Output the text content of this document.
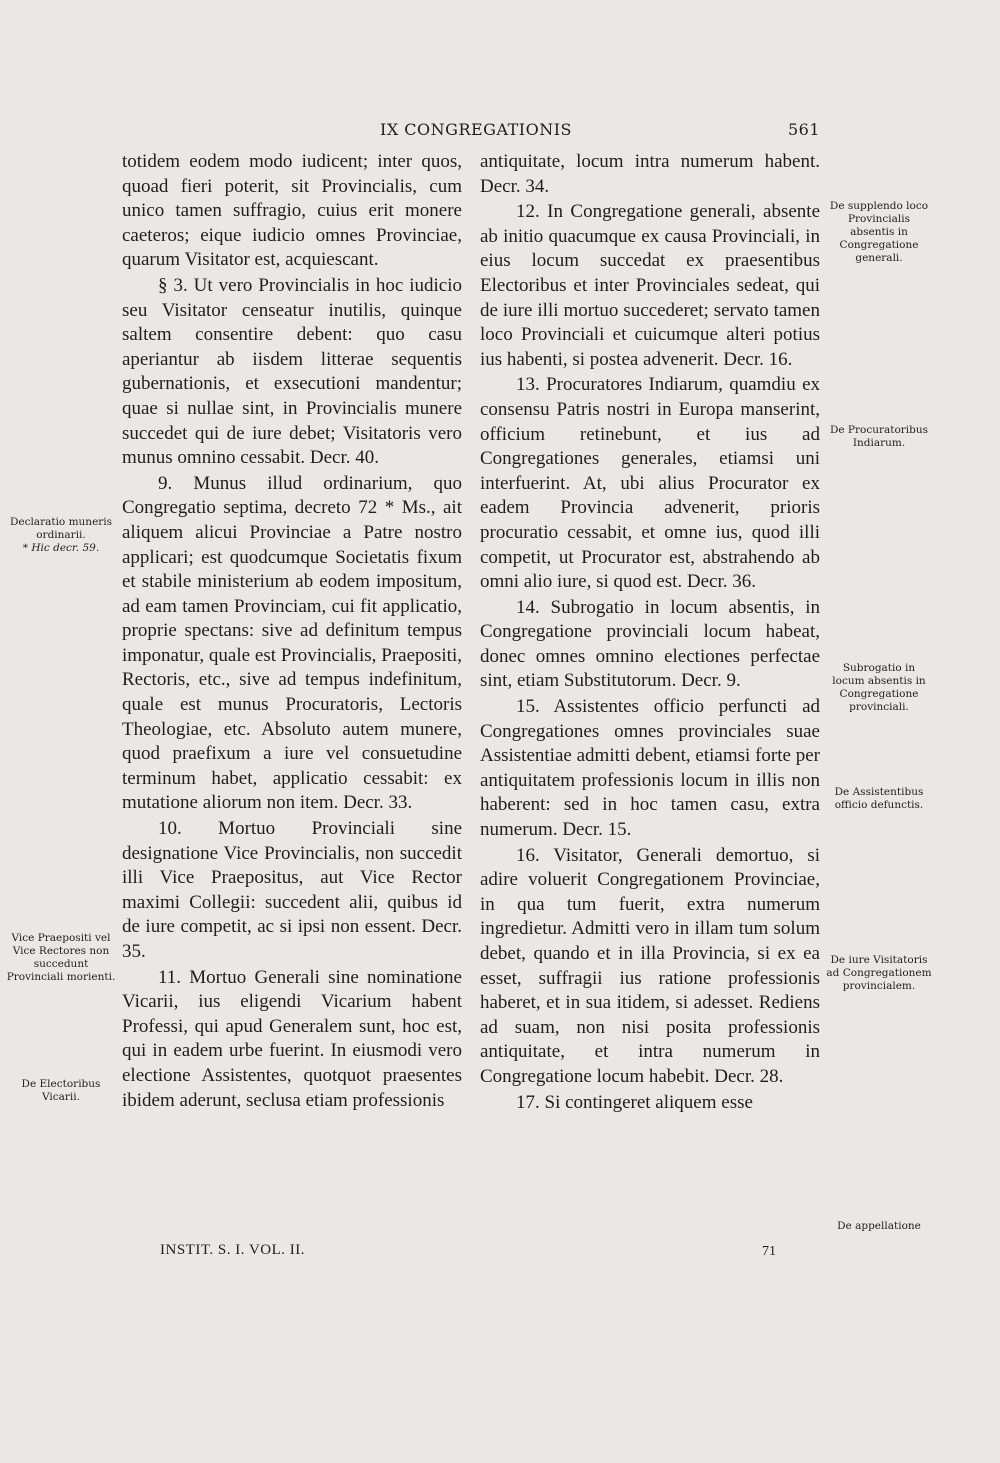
IX CONGREGATIONIS	561

totidem eodem modo iudicent; inter quos, quoad fieri poterit, sit Provincialis, cum unico tamen suffragio, cuius erit monere caeteros; eique iudicio omnes Provinciae, quarum Visitator est, acquiescant.

§ 3. Ut vero Provincialis in hoc iudicio seu Visitator censeatur inutilis, quinque saltem consentire debent: quo casu aperiantur ab iisdem litterae sequentis gubernationis, et exsecutioni mandentur; quae si nullae sint, in Provincialis munere succedet qui de iure debet; Visitatoris vero munus omnino cessabit. Decr. 40.

9. Munus illud ordinarium, quo Congregatio septima, decreto 72 * Ms., ait aliquem alicui Provinciae a Patre nostro applicari; est quodcumque Societatis fixum et stabile ministerium ab eodem impositum, ad eam tamen Provinciam, cui fit applicatio, proprie spectans: sive ad definitum tempus imponatur, quale est Provincialis, Praepositi, Rectoris, etc., sive ad tempus indefinitum, quale est munus Procuratoris, Lectoris Theologiae, etc. Absoluto autem munere, quod praefixum a iure vel consuetudine terminum habet, applicatio cessabit: ex mutatione aliorum non item. Decr. 33.

10. Mortuo Provinciali sine designatione Vice Provincialis, non succedit illi Vice Praepositus, aut Vice Rector maximi Collegii: succedent alii, quibus id de iure competit, ac si ipsi non essent. Decr. 35.

11. Mortuo Generali sine nominatione Vicarii, ius eligendi Vicarium habent Professi, qui apud Generalem sunt, hoc est, qui in eadem urbe fuerint. In eiusmodi vero electione Assistentes, quotquot praesentes ibidem aderunt, seclusa etiam professionis

antiquitate, locum intra numerum habent. Decr. 34.

12. In Congregatione generali, absente ab initio quacumque ex causa Provinciali, in eius locum succedat ex praesentibus Electoribus et inter Provinciales sedeat, qui de iure illi mortuo succederet; servato tamen loco Provinciali et cuicumque alteri potius ius habenti, si postea advenerit. Decr. 16.

13. Procuratores Indiarum, quamdiu ex consensu Patris nostri in Europa manserint, officium retinebunt, et ius ad Congregationes generales, etiamsi uni interfuerint. At, ubi alius Procurator ex eadem Provincia advenerit, prioris procuratio cessabit, et omne ius, quod illi competit, ut Procurator est, abstrahendo ab omni alio iure, si quod est. Decr. 36.

14. Subrogatio in locum absentis, in Congregatione provinciali locum habeat, donec omnes omnino electiones perfectae sint, etiam Substitutorum. Decr. 9.

15. Assistentes officio perfuncti ad Congregationes omnes provinciales suae Assistentiae admitti debent, etiamsi forte per antiquitatem professionis locum in illis non haberent: sed in hoc tamen casu, extra numerum. Decr. 15.

16. Visitator, Generali demortuo, si adire voluerit Congregationem Provinciae, in qua tum fuerit, extra numerum ingredietur. Admitti vero in illam tum solum debet, quando et in illa Provincia, si ex ea esset, suffragii ius ratione professionis haberet, et in sua itidem, si adesset. Rediens ad suam, non nisi posita professionis antiquitate, et intra numerum in Congregatione locum habebit. Decr. 28.

17. Si contingeret aliquem esse

Declaratio muneris ordinarii.
* Hic decr. 59.
Vice Praepositi vel Vice Rectores non succedunt Provinciali morienti.
De Electoribus Vicarii.
De supplendo loco Provincialis absentis in Congregatione generali.
De Procuratoribus Indiarum.
Subrogatio in locum absentis in Congregatione provinciali.
De Assistentibus officio defunctis.
De iure Visitatoris ad Congregationem provincialem.
De appellatione
INSTIT. S. I. VOL. II.	71
